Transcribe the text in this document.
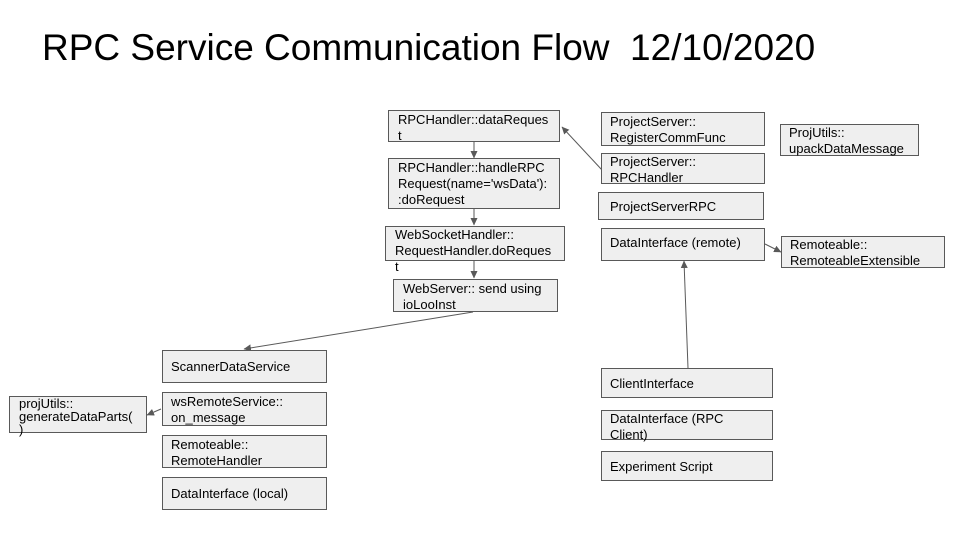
RPC Service Communication Flow  12/10/2020
RPCHandler::dataReques
t
RPCHandler::handleRPC
Request(name='wsData'):
:doRequest
WebSocketHandler::
RequestHandler.doReques
t
WebServer:: send using
ioLooInst
ScannerDataService
wsRemoteService::
on_message
Remoteable::
RemoteHandler
DataInterface (local)
projUtils::
generateDataParts(
)
ProjectServer::
RegisterCommFunc
ProjectServer::
RPCHandler
ProjectServerRPC
DataInterface (remote)
ProjUtils::
upackDataMessage
Remoteable::
RemoteableExtensible
ClientInterface
DataInterface (RPC
Client)
Experiment Script
